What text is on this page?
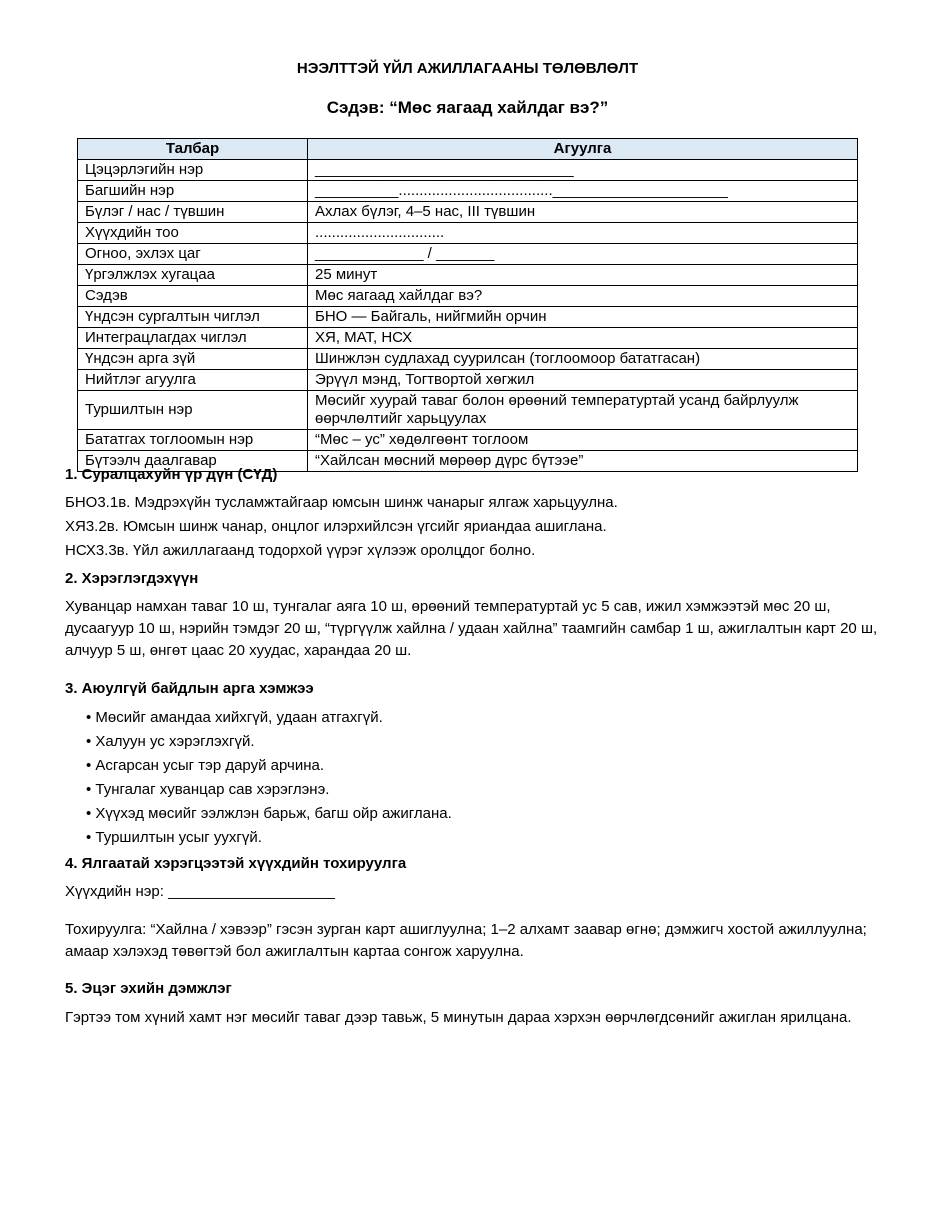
НЭЭЛТТЭЙ ҮЙЛ АЖИЛЛАГААНЫ ТӨЛӨВЛӨЛТ
Сэдэв: “Мөс яагаад хайлдаг вэ?”
Талбар	Агуулга
Цэцэрлэгийн нэр	_______________________________
Багшийн нэр	__________....................................._____________________
Бүлэг / нас / түвшин	Ахлах бүлэг, 4–5 нас, III түвшин
Хүүхдийн тоо	...............................
Огноо, эхлэх цаг	_____________ / _______
Үргэлжлэх хугацаа	25 минут
Сэдэв	Мөс яагаад хайлдаг вэ?
Үндсэн сургалтын чиглэл	БНО — Байгаль, нийгмийн орчин
Интеграцлагдах чиглэл	ХЯ, МАТ, НСХ
Үндсэн арга зүй	Шинжлэн судлахад суурилсан (тоглоомоор бататгасан)
Нийтлэг агуулга	Эрүүл мэнд, Тогтвортой хөгжил
Туршилтын нэр	Мөсийг хуурай таваг болон өрөөний температуртай усанд байрлуулж өөрчлөлтийг харьцуулах
Бататгах тоглоомын нэр	“Мөс – ус” хөдөлгөөнт тоглоом
Бүтээлч даалгавар	“Хайлсан мөсний мөрөөр дүрс бүтээе”
1. Суралцахуйн үр дүн (СҮД)
БНО3.1в. Мэдрэхүйн тусламжтайгаар юмсын шинж чанарыг ялгаж харьцуулна.
ХЯ3.2в. Юмсын шинж чанар, онцлог илэрхийлсэн үгсийг яриандаа ашиглана.
НСХ3.3в. Үйл ажиллагаанд тодорхой үүрэг хүлээж оролцдог болно.
2. Хэрэглэгдэхүүн
Хуванцар намхан таваг 10 ш, тунгалаг аяга 10 ш, өрөөний температуртай ус 5 сав, ижил хэмжээтэй мөс 20 ш, дусаагуур 10 ш, нэрийн тэмдэг 20 ш, “түргүүлж хайлна / удаан хайлна” таамгийн самбар 1 ш, ажиглалтын карт 20 ш, алчуур 5 ш, өнгөт цаас 20 хуудас, харандаа 20 ш.
3. Аюулгүй байдлын арга хэмжээ
• Мөсийг амандаа хийхгүй, удаан атгахгүй.
• Халуун ус хэрэглэхгүй.
• Асгарсан усыг тэр даруй арчина.
• Тунгалаг хуванцар сав хэрэглэнэ.
• Хүүхэд мөсийг ээлжлэн барьж, багш ойр ажиглана.
• Туршилтын усыг уухгүй.
4. Ялгаатай хэрэгцээтэй хүүхдийн тохируулга
Хүүхдийн нэр: ____________________
Тохируулга: “Хайлна / хэвээр” гэсэн зурган карт ашиглуулна; 1–2 алхамт заавар өгнө; дэмжигч хостой ажиллуулна; амаар хэлэхэд төвөгтэй бол ажиглалтын картаа сонгож харуулна.
5. Эцэг эхийн дэмжлэг
Гэртээ том хүний хамт нэг мөсийг таваг дээр тавьж, 5 минутын дараа хэрхэн өөрчлөгдсөнийг ажиглан ярилцана.
